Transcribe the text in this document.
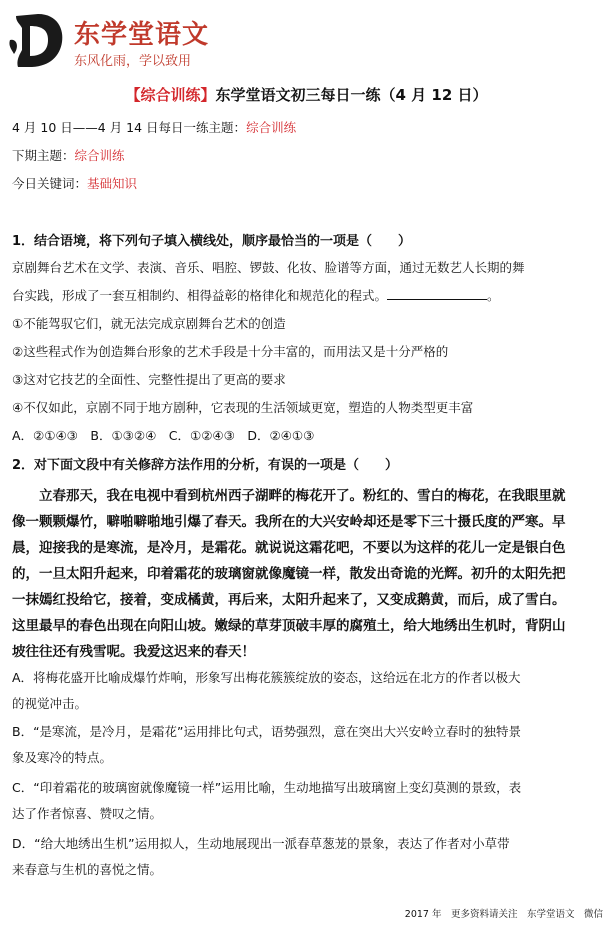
东学堂语文
东风化雨，学以致用
【综合训练】东学堂语文初三每日一练（4 月 12 日）
4 月 10 日——4 月 14 日每日一练主题：综合训练
下期主题：综合训练
今日关键词：基础知识
1．结合语境，将下列句子填入横线处，顺序最恰当的一项是（　　）
京剧舞台艺术在文学、表演、音乐、唱腔、锣鼓、化妆、脸谱等方面，通过无数艺人长期的舞
台实践，形成了一套互相制约、相得益彰的格律化和规范化的程式。	。
①不能驾驭它们，就无法完成京剧舞台艺术的创造
②这些程式作为创造舞台形象的艺术手段是十分丰富的，而用法又是十分严格的
③这对它技艺的全面性、完整性提出了更高的要求
④不仅如此，京剧不同于地方剧种，它表现的生活领域更宽，塑造的人物类型更丰富
A．②①④③　B．①③②④　C．①②④③　D．②④①③
2．对下面文段中有关修辞方法作用的分析，有误的一项是（　　）
　　立春那天，我在电视中看到杭州西子湖畔的梅花开了。粉红的、雪白的梅花，在我眼里就
像一颗颗爆竹，噼啪噼啪地引爆了春天。我所在的大兴安岭却还是零下三十摄氏度的严寒。早
晨，迎接我的是寒流，是冷月，是霜花。就说说这霜花吧，不要以为这样的花儿一定是银白色
的，一旦太阳升起来，印着霜花的玻璃窗就像魔镜一样，散发出奇诡的光辉。初升的太阳先把
一抹嫣红投给它，接着，变成橘黄，再后来，太阳升起来了，又变成鹅黄，而后，成了雪白。
这里最早的春色出现在向阳山坡。嫩绿的草芽顶破丰厚的腐殖土，给大地绣出生机时，背阴山
坡往往还有残雪呢。我爱这迟来的春天！
A．将梅花盛开比喻成爆竹炸响，形象写出梅花簇簇绽放的姿态，这给远在北方的作者以极大
的视觉冲击。
B．“是寒流，是冷月，是霜花”运用排比句式，语势强烈，意在突出大兴安岭立春时的独特景
象及寒冷的特点。
C．“印着霜花的玻璃窗就像魔镜一样”运用比喻，生动地描写出玻璃窗上变幻莫测的景致，表
达了作者惊喜、赞叹之情。
D．“给大地绣出生机”运用拟人，生动地展现出一派春草葱茏的景象，表达了作者对小草带
来春意与生机的喜悦之情。
2017 年　更多资料请关注　东学堂语文　微信
